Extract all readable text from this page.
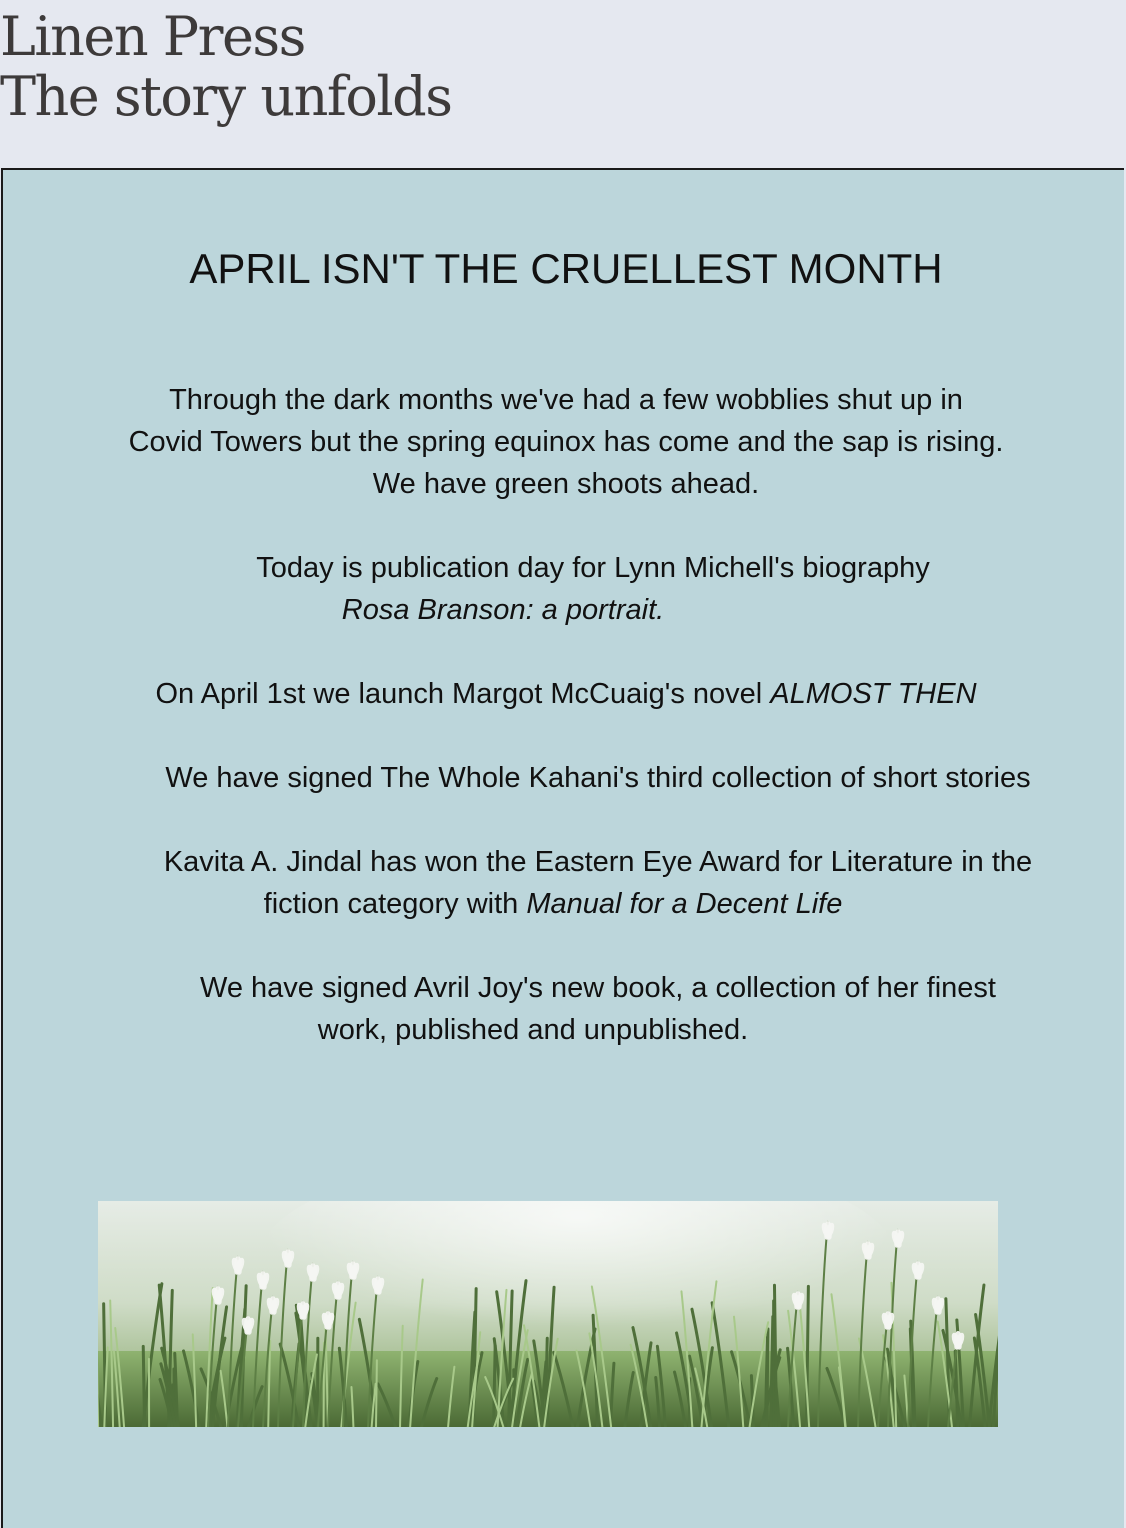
Linen Press

The story unfolds

APRIL ISN'T THE CRUELLEST MONTH

Through the dark months we've had a few wobblies shut up in
Covid Towers but the spring equinox has come and the sap is rising.
We have green shoots ahead.

Today is publication day for Lynn Michell's biography
Rosa Branson: a portrait.

On April 1st we launch Margot McCuaig's novel ALMOST THEN

We have signed The Whole Kahani's third collection of short stories

Kavita A. Jindal has won the Eastern Eye Award for Literature in the
fiction category with Manual for a Decent Life

We have signed Avril Joy's new book, a collection of her finest
work, published and unpublished.
